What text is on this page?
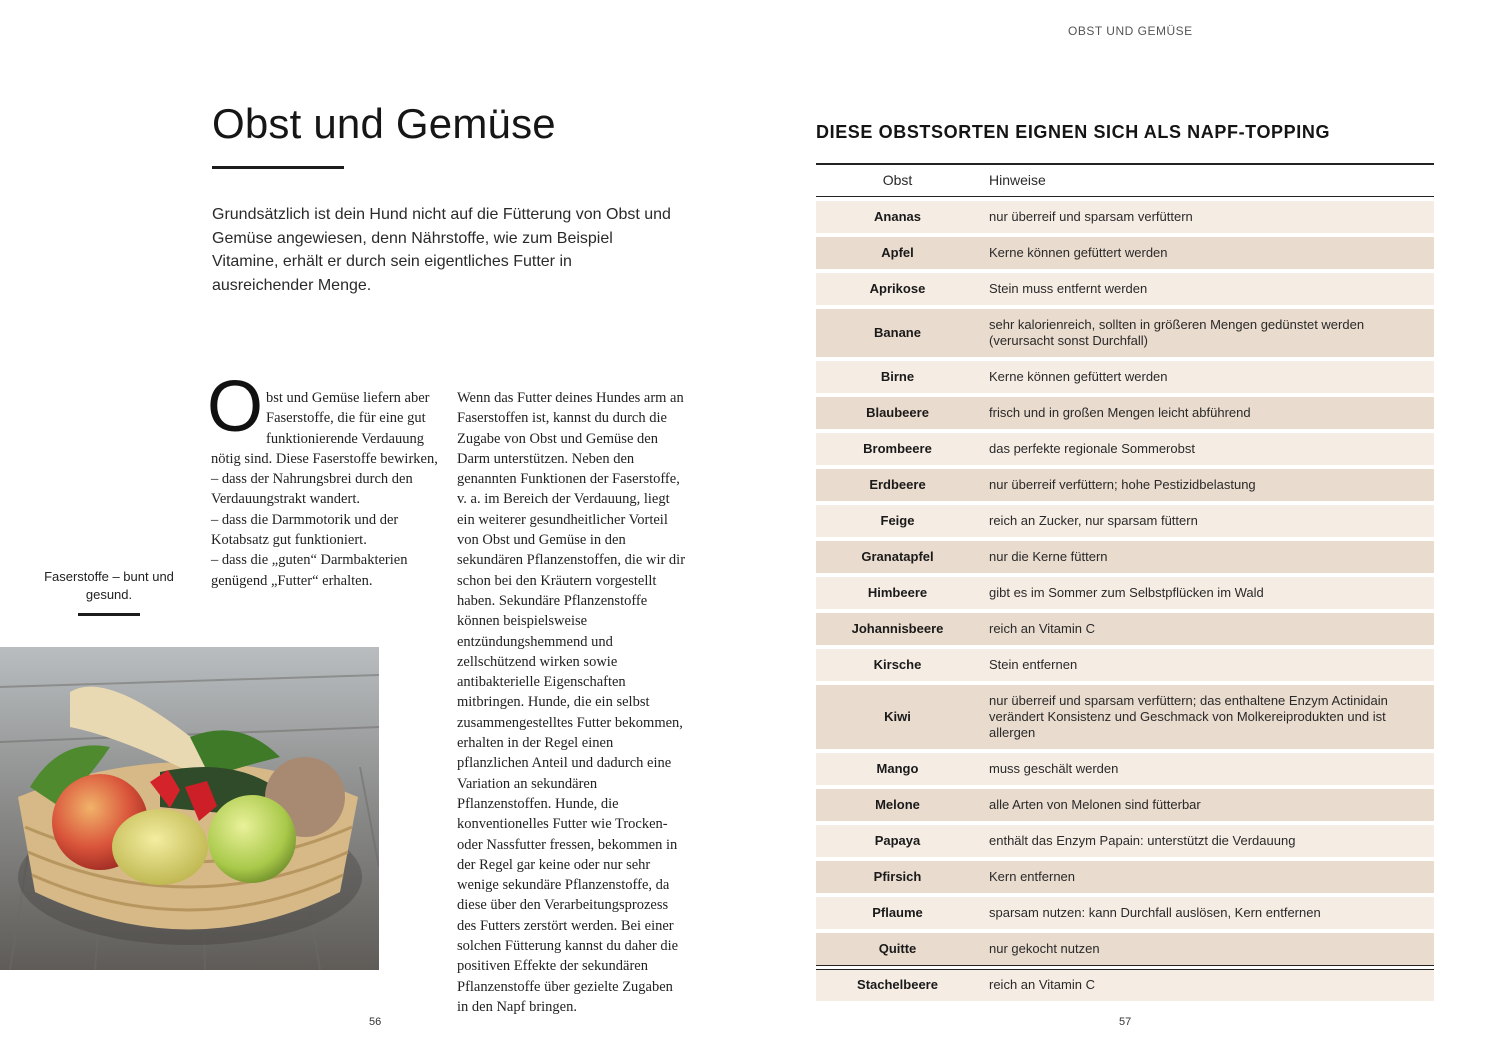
Obst und Gemüse

Grundsätzlich ist dein Hund nicht auf die Fütterung von Obst und Gemüse angewiesen, denn Nährstoffe, wie zum Beispiel Vitamine, erhält er durch sein eigentliches Futter in ausreichender Menge.

O bst und Gemüse liefern aber Faserstoffe, die für eine gut funktionierende Verdauung nötig sind. Diese Faserstoffe bewirken,
– dass der Nahrungsbrei durch den Verdauungstrakt wandert.
– dass die Darmmotorik und der Kotabsatz gut funktioniert.
– dass die „guten“ Darmbakterien genügend „Futter“ erhalten.

Wenn das Futter deines Hundes arm an Faserstoffen ist, kannst du durch die Zugabe von Obst und Gemüse den Darm unterstützen. Neben den genannten Funktionen der Faserstoffe, v. a. im Bereich der Verdauung, liegt ein weiterer gesundheitlicher Vorteil von Obst und Gemüse in den sekundären Pflanzenstoffen, die wir dir schon bei den Kräutern vorgestellt haben. Sekundäre Pflanzenstoffe können beispielsweise entzündungshemmend und zellschützend wirken sowie antibakterielle Eigenschaften mitbringen. Hunde, die ein selbst zusammengestelltes Futter bekommen, erhalten in der Regel einen pflanzlichen Anteil und dadurch eine Variation an sekundären Pflanzenstoffen. Hunde, die konventionelles Futter wie Trocken- oder Nassfutter fressen, bekommen in der Regel gar keine oder nur sehr wenige sekundäre Pflanzenstoffe, da diese über den Verarbeitungsprozess des Futters zerstört werden. Bei einer solchen Fütterung kannst du daher die positiven Effekte der sekundären Pflanzenstoffe über gezielte Zugaben in den Napf bringen.

Faserstoffe – bunt und gesund.
56
OBST UND GEMÜSE
DIESE OBSTSORTEN EIGNEN SICH ALS NAPF-TOPPING
Obst	Hinweise
Ananas	nur überreif und sparsam verfüttern
Apfel	Kerne können gefüttert werden
Aprikose	Stein muss entfernt werden
Banane	sehr kalorienreich, sollten in größeren Mengen gedünstet werden (verursacht sonst Durchfall)
Birne	Kerne können gefüttert werden
Blaubeere	frisch und in großen Mengen leicht abführend
Brombeere	das perfekte regionale Sommerobst
Erdbeere	nur überreif verfüttern; hohe Pestizidbelastung
Feige	reich an Zucker, nur sparsam füttern
Granatapfel	nur die Kerne füttern
Himbeere	gibt es im Sommer zum Selbstpflücken im Wald
Johannisbeere	reich an Vitamin C
Kirsche	Stein entfernen
Kiwi	nur überreif und sparsam verfüttern; das enthaltene Enzym Actinidain verändert Konsistenz und Geschmack von Molkereiprodukten und ist allergen
Mango	muss geschält werden
Melone	alle Arten von Melonen sind fütterbar
Papaya	enthält das Enzym Papain: unterstützt die Verdauung
Pfirsich	Kern entfernen
Pflaume	sparsam nutzen: kann Durchfall auslösen, Kern entfernen
Quitte	nur gekocht nutzen
Stachelbeere	reich an Vitamin C
57
